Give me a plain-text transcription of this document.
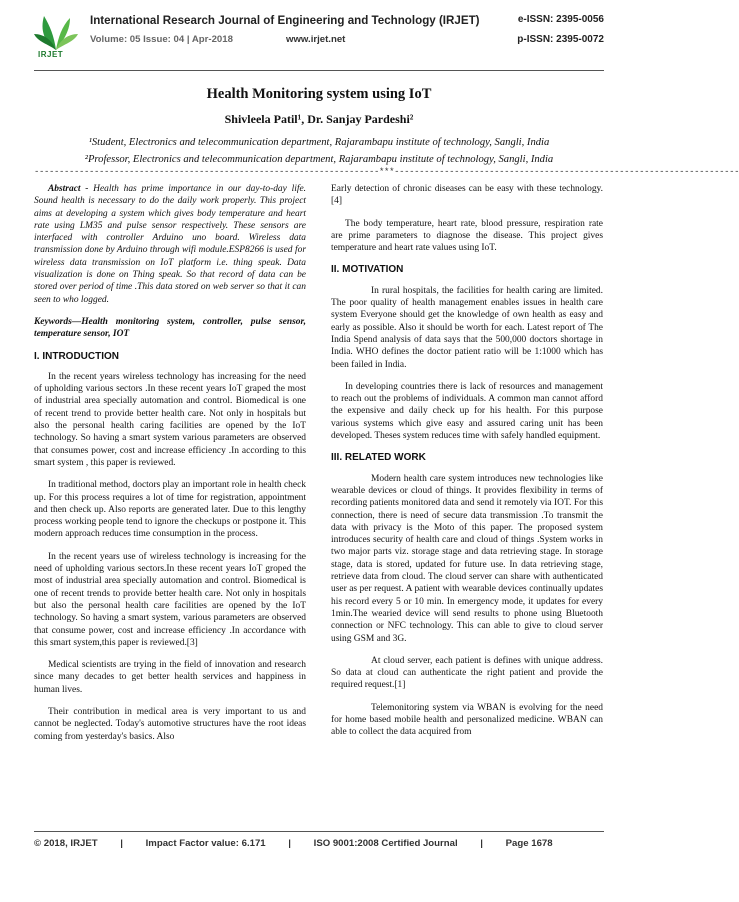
IRJET
International Research Journal of Engineering and Technology (IRJET)
Volume: 05 Issue: 04 | Apr-2018	www.irjet.net
e-ISSN: 2395-0056
p-ISSN: 2395-0072
Health Monitoring system using IoT
Shivleela Patil¹, Dr. Sanjay Pardeshi²
¹Student, Electronics and telecommunication department, Rajarambapu institute of technology, Sangli, India
²Professor, Electronics and telecommunication department, Rajarambapu institute of technology, Sangli, India
---------------------------------------------------------------------***---------------------------------------------------------------------

Abstract - Health has prime importance in our day-to-day life. Sound health is necessary to do the daily work properly. This project aims at developing a system which gives body temperature and heart rate using LM35 and pulse sensor respectively. These sensors are interfaced with controller Arduino uno board. Wireless data transmission done by Arduino through wifi module.ESP8266 is used for wireless data transmission on IoT platform i.e. thing speak. Data visualization is done on Thing speak. So that record of data can be stored over period of time .This data stored on web server so that it can seen to who logged.

Keywords—Health monitoring system, controller, pulse sensor, temperature sensor, IOT

I. INTRODUCTION

In the recent years wireless technology has increasing for the need of upholding various sectors .In these recent years IoT graped the most of industrial area specially automation and control. Biomedical is one of recent trend to provide better health care. Not only in hospitals but also the personal health caring facilities are opened by the IoT technology. So having a smart system various parameters are observed that consumes power, cost and increase efficiency .In according to this smart system , this paper is reviewed.

In traditional method, doctors play an important role in health check up. For this process requires a lot of time for registration, appointment and then check up. Also reports are generated later. Due to this lengthy process working people tend to ignore the checkups or postpone it. This modern approach reduces time consumption in the process.

In the recent years use of wireless technology is increasing for the need of upholding various sectors.In these recent years IoT groped the most of industrial area specially automation and control. Biomedical is one of recent trends to provide better health care. Not only in hospitals but also the personal health care facilities are opened by the IoT technology. So having a smart system, various parameters are observed that consume power, cost and increase efficiency .In accordance with this smart system,this paper is reviewed.[3]

Medical scientists are trying in the field of innovation and research since many decades to get better health services and happiness in human lives.

Their contribution in medical area is very important to us and cannot be neglected. Today's automotive structures have the root ideas coming from yesterday's basics. Also

Early detection of chronic diseases can be easy with these technology.[4]

The body temperature, heart rate, blood pressure, respiration rate are prime parameters to diagnose the disease. This project gives temperature and heart rate values using IoT.

II. MOTIVATION

In rural hospitals, the facilities for health caring are limited. The poor quality of health management enables issues in health care system Everyone should get the knowledge of own health as easy and early as possible. Also it should be worth for each. Latest report of The India Spend analysis of data says that the 500,000 doctors shortage in India. WHO defines the doctor patient ratio will be 1:1000 which has been failed in India.

In developing countries there is lack of resources and management to reach out the problems of individuals. A common man cannot afford the expensive and daily check up for his health. For this purpose various systems which give easy and assured caring unit has been developed. Theses system reduces time with safely handled equipment.

III. RELATED WORK

Modern health care system introduces new technologies like wearable devices or cloud of things. It provides flexibility in terms of recording patients monitored data and send it remotely via IOT. For this connection, there is need of secure data transmission .To transmit the data with privacy is the Moto of this paper. The proposed system introduces security of health care and cloud of things .System works in two major parts viz. storage stage and data retrieving stage. In storage stage, data is stored, updated for future use. In data retrieving stage, retrieve data from cloud. The cloud server can share with authenticated user as per request. A patient with wearable devices continually updates his record every 5 or 10 min. In emergency mode, it updates for every 1min.The wearied device will send results to phone using Bluetooth connection or NFC technology. This can able to give to cloud server using GSM and 3G.

At cloud server, each patient is defines with unique address. So data at cloud can authenticate the right patient and provide the required request.[1]

Telemonitoring system via WBAN is evolving for the need for home based mobile health and personalized medicine. WBAN can able to collect the data acquired from

© 2018, IRJET | Impact Factor value: 6.171 | ISO 9001:2008 Certified Journal | Page 1678
